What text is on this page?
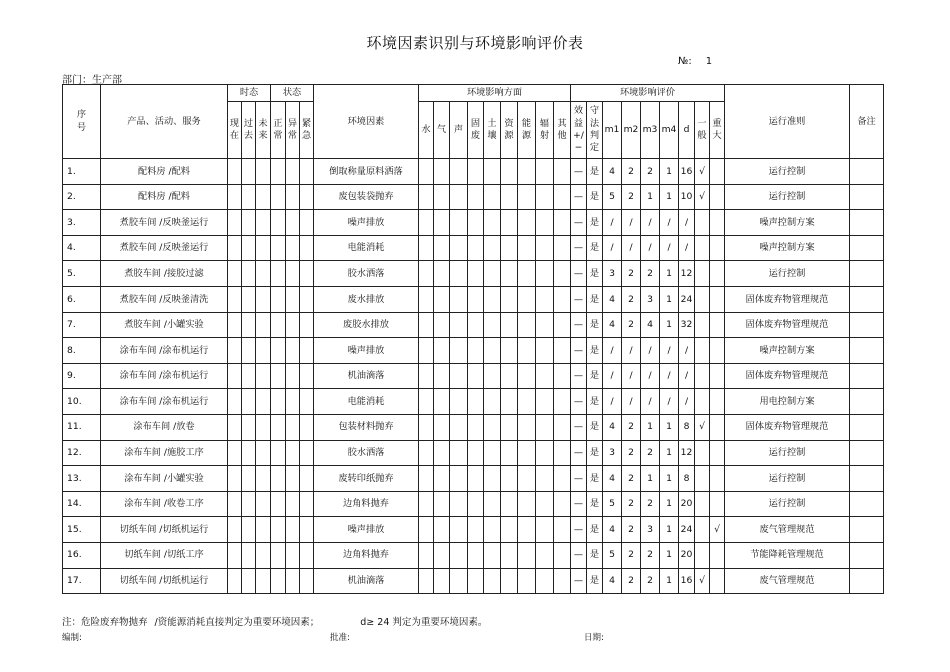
环境因素识别与环境影响评价表
№: 1
部门：生产部
序号	产品、活动、服务	时态			状态			环境因素	环境影响方面									环境影响评价									运行准则	备注
		现在	过去	未来	正常	异常	紧急		水	气	声	固废	土壤	资源	能源	辐射	其他	效益+/−	守法判定	m1	m2	m3	m4	d	一般	重大		
1.	配料房 /配料							倒取称量原料洒落										—	是	4	2	2	1	16	√		运行控制	
2.	配料房 /配料							废包装袋抛弃										—	是	5	2	1	1	10	√		运行控制	
3.	煮胶车间 /反映釜运行							噪声排放										—	是	/	/	/	/	/			噪声控制方案	
4.	煮胶车间 /反映釜运行							电能消耗										—	是	/	/	/	/	/			噪声控制方案	
5.	煮胶车间 /接胶过滤							胶水洒落										—	是	3	2	2	1	12			运行控制	
6.	煮胶车间 /反映釜清洗							废水排放										—	是	4	2	3	1	24			固体废弃物管理规范	
7.	煮胶车间 /小罐实验							废胶水排放										—	是	4	2	4	1	32			固体废弃物管理规范	
8.	涂布车间 /涂布机运行							噪声排放										—	是	/	/	/	/	/			噪声控制方案	
9.	涂布车间 /涂布机运行							机油滴落										—	是	/	/	/	/	/			固体废弃物管理规范	
10.	涂布车间 /涂布机运行							电能消耗										—	是	/	/	/	/	/			用电控制方案	
11.	涂布车间 /放卷							包装材料抛弃										—	是	4	2	1	1	8	√		固体废弃物管理规范	
12.	涂布车间 /施胶工序							胶水洒落										—	是	3	2	2	1	12			运行控制	
13.	涂布车间 /小罐实验							废转印纸抛弃										—	是	4	2	1	1	8			运行控制	
14.	涂布车间 /收卷工序							边角料抛弃										—	是	5	2	2	1	20			运行控制	
15.	切纸车间 /切纸机运行							噪声排放										—	是	4	2	3	1	24		√	废气管理规范	
16.	切纸车间 /切纸工序							边角料抛弃										—	是	5	2	2	1	20			节能降耗管理规范	
17.	切纸车间 /切纸机运行							机油滴落										—	是	4	2	2	1	16	√		废气管理规范	
注：危险废弃物抛弃 /资能源消耗直接判定为重要环境因素；	d≥ 24 判定为重要环境因素。
编制:	批准:	日期:
